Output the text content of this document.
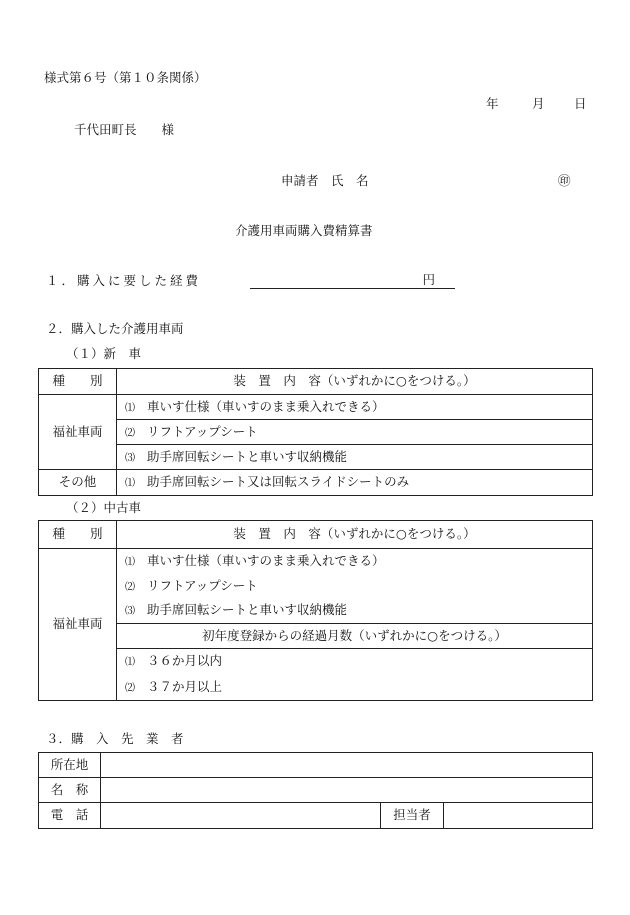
様式第６号（第１０条関係）
年	月 日
千代田町長　　様
申請者　氏　名	㊞
介護用車両購入費精算書
１．購入に要した経費	円
２．購入した介護用車両
（１）新　車
種　　別	装　置　内　容（いずれかに○をつける。）
福祉車両	⑴ 車いす仕様（車いすのまま乗入れできる）
	⑵ リフトアップシート
	⑶ 助手席回転シートと車いす収納機能
その他	⑴ 助手席回転シート又は回転スライドシートのみ
（２）中古車
種　　別	装　置　内　容（いずれかに○をつける。）
福祉車両	⑴ 車いす仕様（車いすのまま乗入れできる）
	⑵ リフトアップシート
	⑶ 助手席回転シートと車いす収納機能
	初年度登録からの経過月数（いずれかに○をつける。）
	⑴ ３６か月以内
	⑵ ３７か月以上
３．購　入　先　業　者
所在地			
名　称			
電　話		担当者	
